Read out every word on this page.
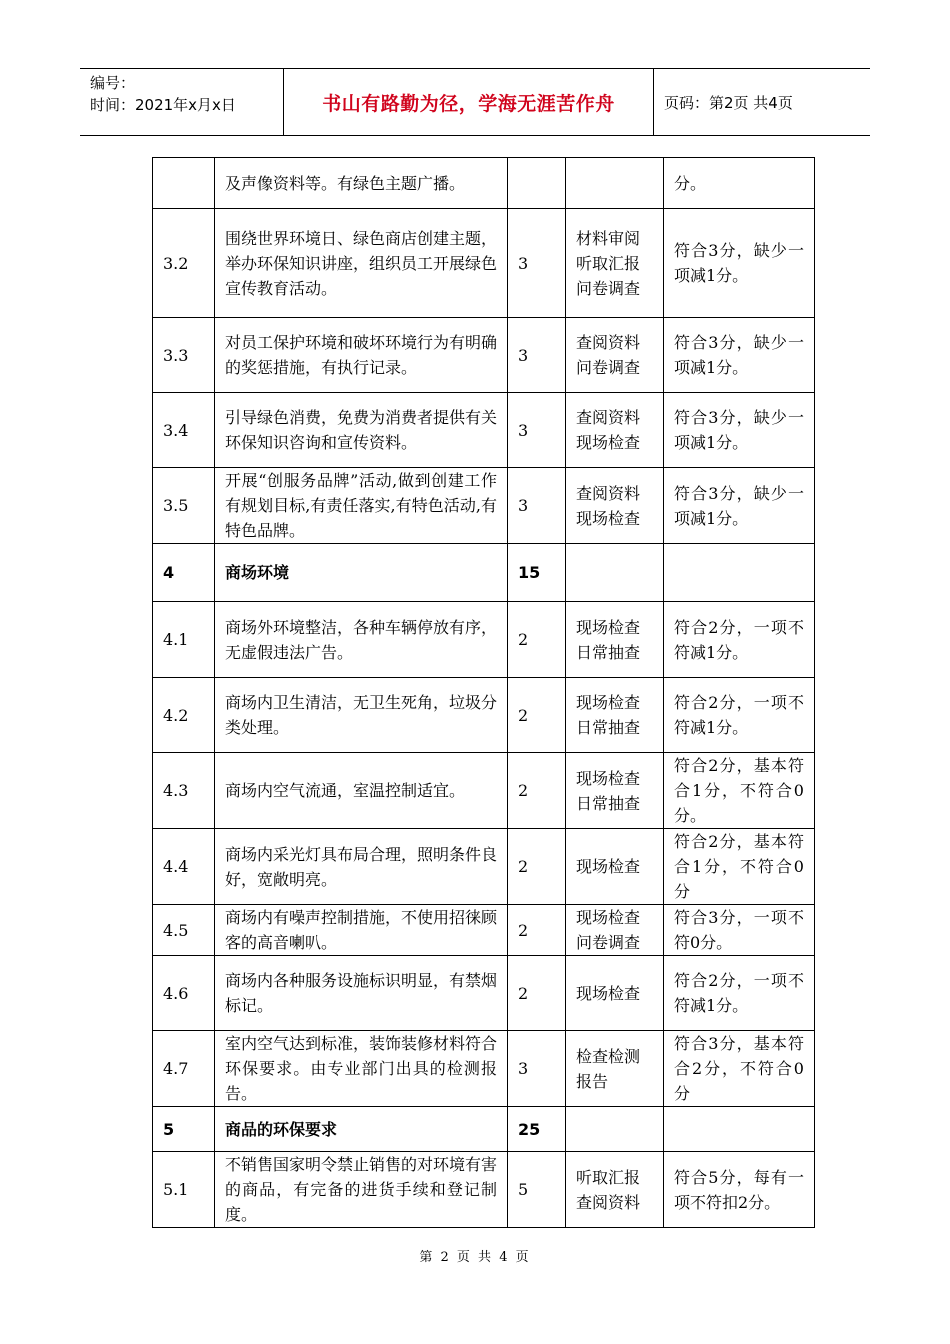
编号：
时间：2021年x月x日	书山有路勤为径，学海无涯苦作舟	页码：第2页 共4页

	及声像资料等。有绿色主题广播。			分。

3.2	围绕世界环境日、绿色商店创建主题，举办环保知识讲座，组织员工开展绿色宣传教育活动。	3	材料审阅听取汇报问卷调查	符合3分，缺少一项减1分。

3.3	对员工保护环境和破坏环境行为有明确的奖惩措施，有执行记录。	3	查阅资料问卷调查	符合3分，缺少一项减1分。

3.4	引导绿色消费，免费为消费者提供有关环保知识咨询和宣传资料。	3	查阅资料现场检查	符合3分，缺少一项减1分。

3.5	开展“创服务品牌”活动,做到创建工作有规划目标,有责任落实,有特色活动,有特色品牌。	3	查阅资料现场检查	符合3分，缺少一项减1分。

4	商场环境	15		

4.1	商场外环境整洁，各种车辆停放有序，无虚假违法广告。	2	现场检查日常抽查	符合2分，一项不符减1分。

4.2	商场内卫生清洁，无卫生死角，垃圾分类处理。	2	现场检查日常抽查	符合2分，一项不符减1分。

4.3	商场内空气流通，室温控制适宜。	2	现场检查日常抽查	符合2分，基本符合1分，不符合0分。

4.4	商场内采光灯具布局合理，照明条件良好，宽敞明亮。	2	现场检查	符合2分，基本符合1分，不符合0分

4.5	商场内有噪声控制措施，不使用招徕顾客的高音喇叭。	2	现场检查问卷调查	符合3分，一项不符0分。

4.6	商场内各种服务设施标识明显，有禁烟标记。	2	现场检查	符合2分，一项不符减1分。

4.7	室内空气达到标准，装饰装修材料符合环保要求。由专业部门出具的检测报告。	3	检查检测报告	符合3分，基本符合2分，不符合0分

5	商品的环保要求	25		

5.1	不销售国家明令禁止销售的对环境有害的商品，有完备的进货手续和登记制度。	5	听取汇报查阅资料	符合5分，每有一项不符扣2分。
第 2 页 共 4 页
